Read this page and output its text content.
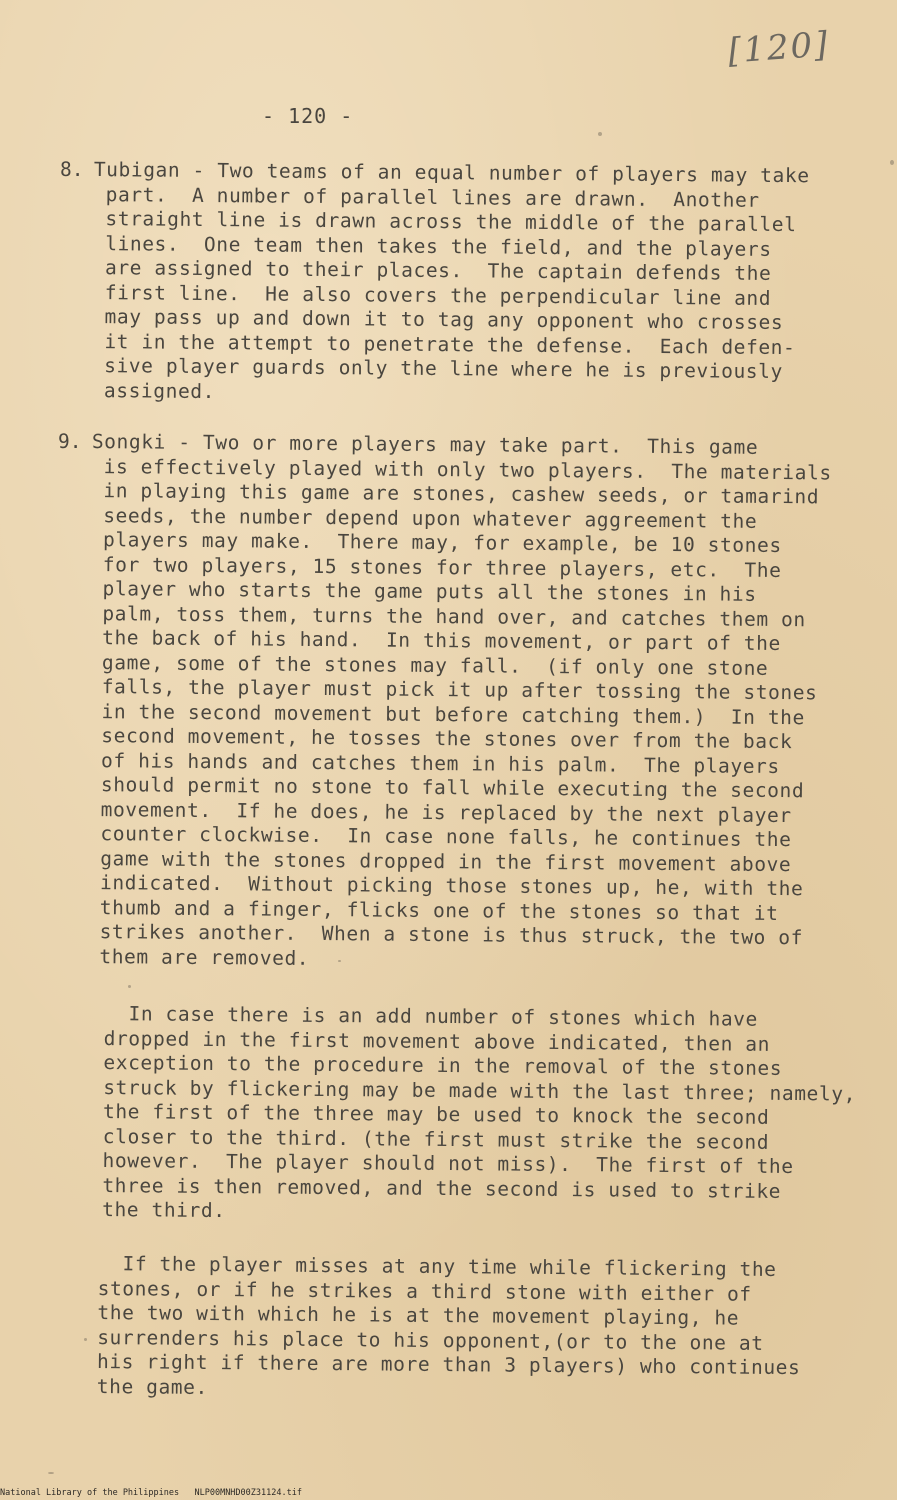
[120]
- 120 -
8. Tubigan - Two teams of an equal number of players may take
part.  A number of parallel lines are drawn.  Another
straight line is drawn across the middle of the parallel
lines.  One team then takes the field, and the players
are assigned to their places.  The captain defends the
first line.  He also covers the perpendicular line and
may pass up and down it to tag any opponent who crosses
it in the attempt to penetrate the defense.  Each defen-
sive player guards only the line where he is previously
assigned.
9. Songki - Two or more players may take part.  This game
is effectively played with only two players.  The materials
in playing this game are stones, cashew seeds, or tamarind
seeds, the number depend upon whatever aggreement the
players may make.  There may, for example, be 10 stones
for two players, 15 stones for three players, etc.  The
player who starts the game puts all the stones in his
palm, toss them, turns the hand over, and catches them on
the back of his hand.  In this movement, or part of the
game, some of the stones may fall.  (if only one stone
falls, the player must pick it up after tossing the stones
in the second movement but before catching them.)  In the
second movement, he tosses the stones over from the back
of his hands and catches them in his palm.  The players
should permit no stone to fall while executing the second
movement.  If he does, he is replaced by the next player
counter clockwise.  In case none falls, he continues the
game with the stones dropped in the first movement above
indicated.  Without picking those stones up, he, with the
thumb and a finger, flicks one of the stones so that it
strikes another.  When a stone is thus struck, the two of
them are removed.
In case there is an add number of stones which have
dropped in the first movement above indicated, then an
exception to the procedure in the removal of the stones
struck by flickering may be made with the last three; namely,
the first of the three may be used to knock the second
closer to the third. (the first must strike the second
however.  The player should not miss).  The first of the
three is then removed, and the second is used to strike
the third.
If the player misses at any time while flickering the
stones, or if he strikes a third stone with either of
the two with which he is at the movement playing, he
surrenders his place to his opponent,(or to the one at
his right if there are more than 3 players) who continues
the game.
National Library of the Philippines NLP00MNHD00Z31124.tif
